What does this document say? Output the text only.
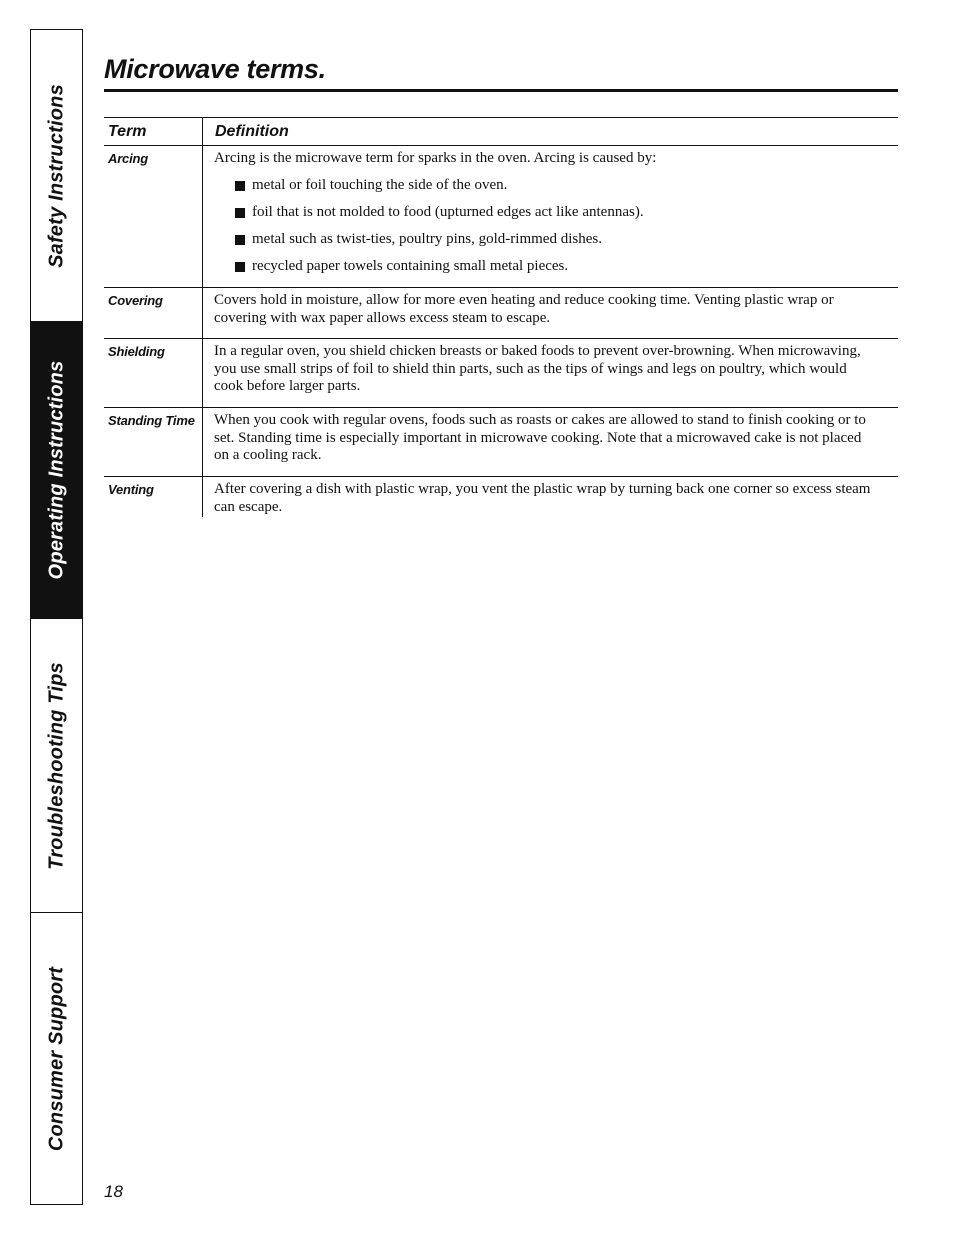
Safety Instructions
Operating Instructions
Troubleshooting Tips
Consumer Support
Microwave terms.
Term	Definition
Arcing	Arcing is the microwave term for sparks in the oven. Arcing is caused by:
metal or foil touching the side of the oven.
foil that is not molded to food (upturned edges act like antennas).
metal such as twist-ties, poultry pins, gold-rimmed dishes.
recycled paper towels containing small metal pieces.
Covering	Covers hold in moisture, allow for more even heating and reduce cooking time. Venting plastic wrap or covering with wax paper allows excess steam to escape.
Shielding	In a regular oven, you shield chicken breasts or baked foods to prevent over-browning. When microwaving, you use small strips of foil to shield thin parts, such as the tips of wings and legs on poultry, which would cook before larger parts.
Standing Time	When you cook with regular ovens, foods such as roasts or cakes are allowed to stand to finish cooking or to set. Standing time is especially important in microwave cooking. Note that a microwaved cake is not placed on a cooling rack.
Venting	After covering a dish with plastic wrap, you vent the plastic wrap by turning back one corner so excess steam can escape.
18
